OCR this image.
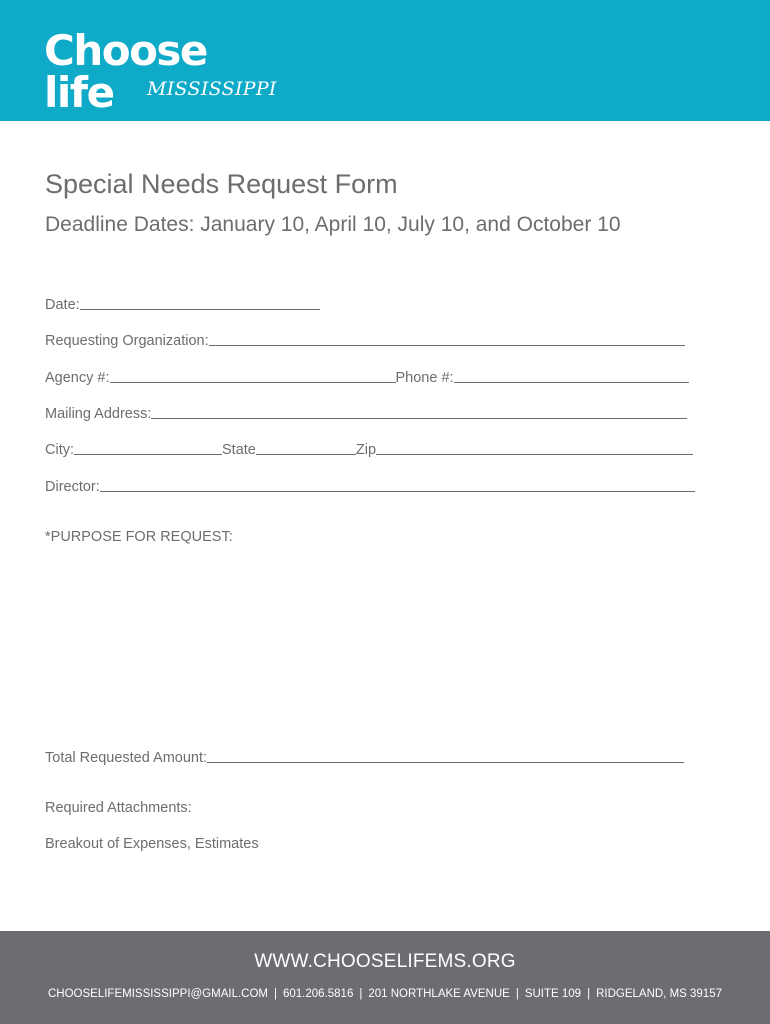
Choose life	MISSISSIPPI
Special Needs Request Form
Deadline Dates: January 10, April 10, July 10, and October 10
Date:
Requesting Organization:
Agency #:	Phone #:
Mailing Address:
City:	State	Zip
Director:
*PURPOSE FOR REQUEST:
Total Requested Amount:
Required Attachments:
Breakout of Expenses, Estimates
WWW.CHOOSELIFEMS.ORG
CHOOSELIFEMISSISSIPPI@GMAIL.COM | 601.206.5816 | 201 NORTHLAKE AVENUE | SUITE 109 | RIDGELAND, MS 39157
